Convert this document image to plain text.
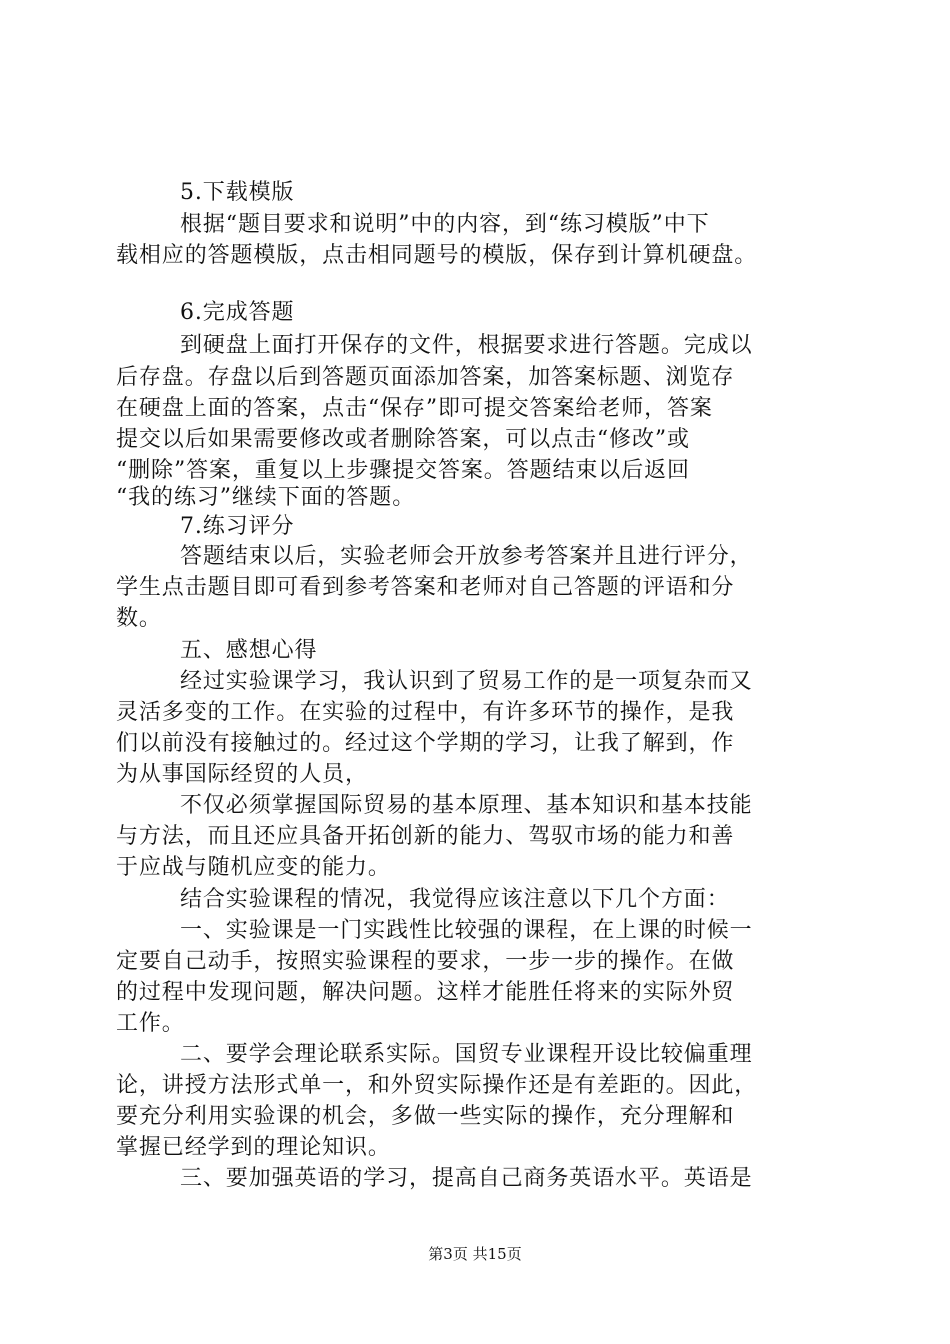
5.下载模版
根据“题目要求和说明”中的内容，到“练习模版”中下
载相应的答题模版，点击相同题号的模版，保存到计算机硬盘。
6.完成答题
到硬盘上面打开保存的文件，根据要求进行答题。完成以
后存盘。存盘以后到答题页面添加答案，加答案标题、浏览存
在硬盘上面的答案，点击“保存”即可提交答案给老师，答案
提交以后如果需要修改或者删除答案，可以点击“修改”或
“删除”答案，重复以上步骤提交答案。答题结束以后返回
“我的练习”继续下面的答题。
7.练习评分
答题结束以后，实验老师会开放参考答案并且进行评分，
学生点击题目即可看到参考答案和老师对自己答题的评语和分
数。
五、感想心得
经过实验课学习，我认识到了贸易工作的是一项复杂而又
灵活多变的工作。在实验的过程中，有许多环节的操作，是我
们以前没有接触过的。经过这个学期的学习，让我了解到，作
为从事国际经贸的人员，
不仅必须掌握国际贸易的基本原理、基本知识和基本技能
与方法，而且还应具备开拓创新的能力、驾驭市场的能力和善
于应战与随机应变的能力。
结合实验课程的情况，我觉得应该注意以下几个方面：
一、实验课是一门实践性比较强的课程，在上课的时候一
定要自己动手，按照实验课程的要求，一步一步的操作。在做
的过程中发现问题，解决问题。这样才能胜任将来的实际外贸
工作。
二、要学会理论联系实际。国贸专业课程开设比较偏重理
论，讲授方法形式单一，和外贸实际操作还是有差距的。因此，
要充分利用实验课的机会，多做一些实际的操作，充分理解和
掌握已经学到的理论知识。
三、要加强英语的学习，提高自己商务英语水平。英语是
第3页 共15页
